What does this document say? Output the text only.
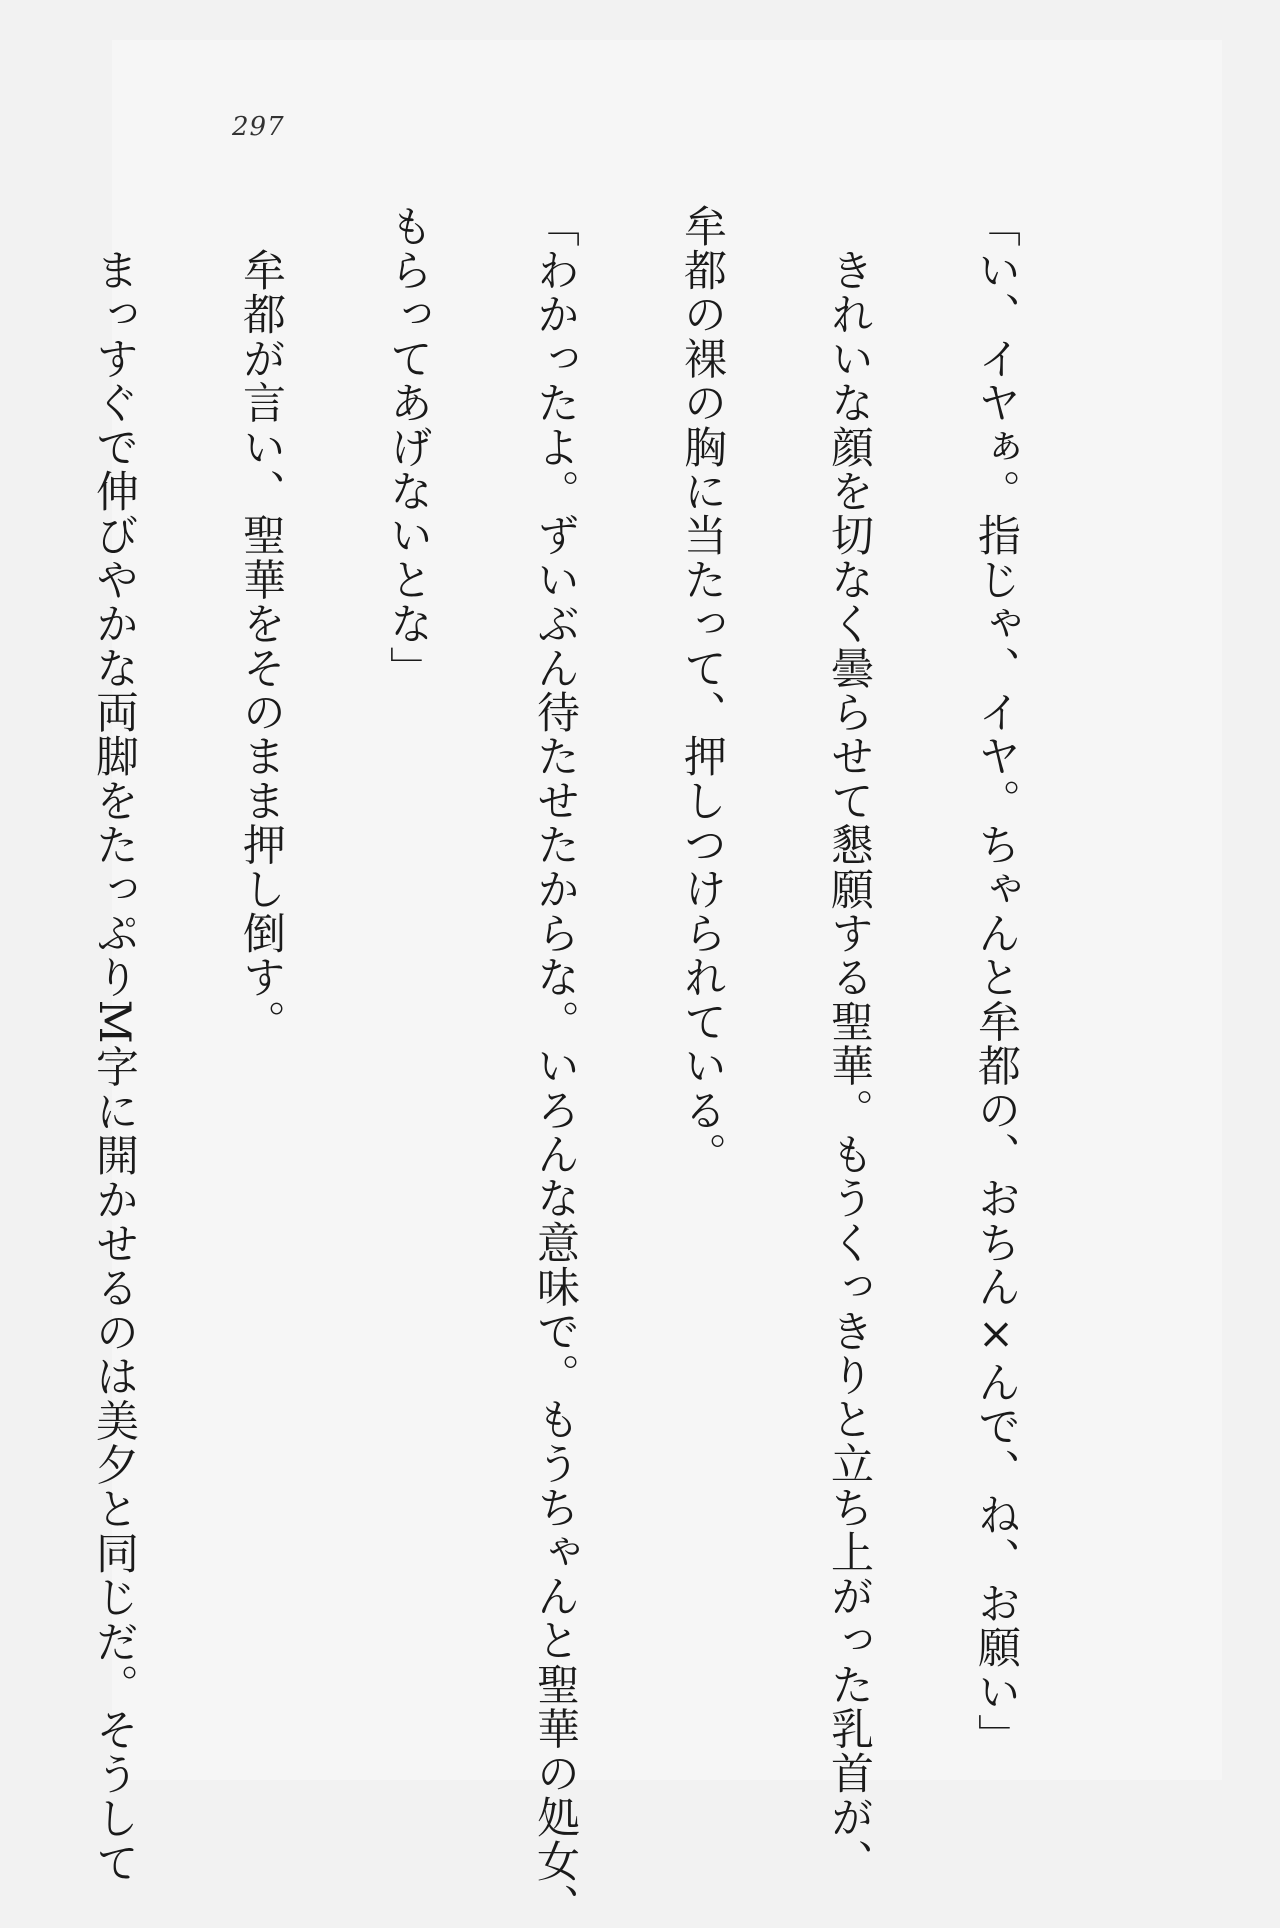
297

「い、イヤぁ。指じゃ、イヤ。ちゃんと牟都の、おちん×んで、ね、お願い」

　きれいな顔を切なく曇らせて懇願する聖華。もうくっきりと立ち上がった乳首が、

牟都の裸の胸に当たって、押しつけられている。

「わかったよ。ずいぶん待たせたからな。いろんな意味で。もうちゃんと聖華の処女、

もらってあげないとな」

　牟都が言い、聖華をそのまま押し倒す。

　まっすぐで伸びやかな両脚をたっぷりM字に開かせるのは美夕と同じだ。そうして
